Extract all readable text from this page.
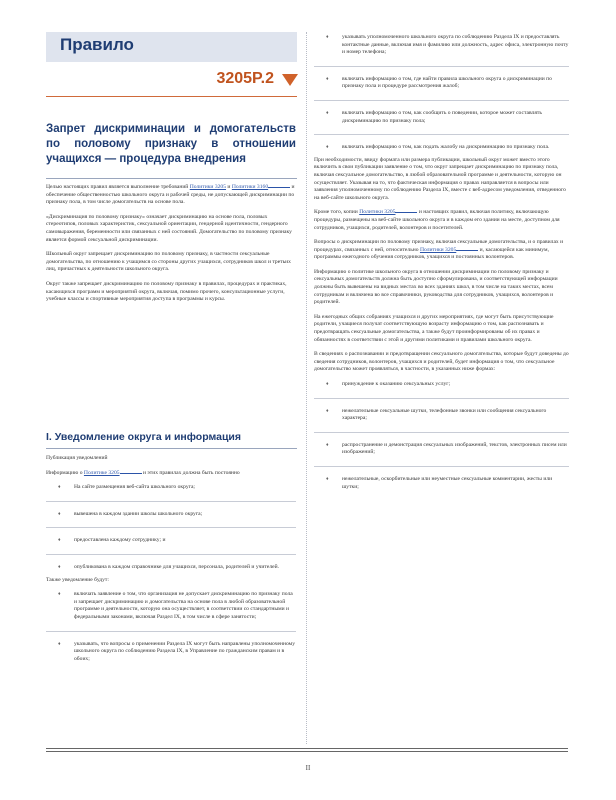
Правило
3205P.2
Запрет дискриминации и домогательств по половому признаку в отношении учащихся — процедура внедрения

Целью настоящих правил является выполнение требований Политики 3205 и Политики 3160	и обеспечение общественностью школьного округа и рабочей среды, не допускающей дискриминации по признаку пола, в том числе домогательств на основе пола.

«Дискриминация по половому признаку» означает дискриминацию на основе пола, половых стереотипов, половых характеристик, сексуальной ориентации, гендерной идентичности, гендерного самовыражения, беременности или связанных с ней состояний. Домогательство по половому признаку является формой сексуальной дискриминации.

Школьный округ запрещает дискриминацию по половому признаку, в частности сексуальные домогательства, по отношению к учащимся со стороны других учащихся, сотрудников школ и третьих лиц, причастных к деятельности школьного округа.

Округ также запрещает дискриминацию по половому признаку в правилах, процедурах и практиках, касающихся программ и мероприятий округа, включая, помимо прочего, консультационные услуги, учебные классы и спортивные мероприятия доступа в программы и курсы.

I. Уведомление округа и информация

Публикация уведомлений

Информацию о Политике 3205	и этих правилах должна быть постоянно

♦ Нa сайте размещения веб-сайта школьного округа;
♦ вывешена в каждом здании школы школьного округа;
♦ предоставлена каждому сотруднику; и
♦ опубликована в каждом справочнике для учащихся, персонала, родителей и учителей.

Также уведомление будут:

♦ включать заявление о том, что организация не допускает дискриминацию по признаку пола и запрещает дискриминацию и домогательства на основе пола в любой образовательной программе и деятельности, которую она осуществляет, в соответствии со стандартными и федеральными законами, включая Раздел IX, в том числе в сфере занятости;
♦ указывать, что вопросы о применении Раздела IX могут быть направлены уполномоченному школьного округа по соблюдению Раздела IX, в Управление по гражданским правам и в обоих;
♦ указывать уполномоченного школьного округа по соблюдению Раздела IX и предоставлять контактные данные, включая имя и фамилию или должность, адрес офиса, электронную почту и номер телефона;
♦ включать информацию о том, где найти правила школьного округа о дискриминации по признаку пола и процедуре рассмотрения жалоб;
♦ включать информацию о том, как сообщить о поведении, которое может составлять дискриминацию по признаку пола;
♦ включать информацию о том, как подать жалобу на дискриминацию по признаку пола.

При необходимости, ввиду формата или размера публикации, школьный округ может вместо этого включить в свои публикации заявление о том, что округ запрещает дискриминацию по признаку пола, включая сексуальное домогательство, в любой образовательной программе и деятельности, которую он осуществляет. Указывая на то, что фактическая информация о правах направляется в вопросы или заявления уполномоченному по соблюдению Раздела IX, вместе с веб-адресом уведомления, отведенного на веб-сайте школьного округа.

Кроме того, копии Политики 3205	и настоящих правил, включая политику, включающую процедуры, размещены на веб-сайте школьного округа и в каждом его здании на месте, доступном для сотрудников, учащихся, родителей, волонтеров и посетителей.

Вопросы о дискриминации по половому признаку, включая сексуальные домогательства, и о правилах и процедурах, связанных с ней, относительно Политики 3205	и, касающейся как минимум, программы ежегодного обучения сотрудников, учащихся и постоянных волонтеров.

Информацию о политике школьного округа в отношении дискриминации по половому признаку и сексуальных домогательств должна быть доступно сформулирована, и соответствующей информации должны быть вывешены на видных местах во всех зданиях школ, в том числе на таких местах, всем сотрудникам и включена во все справочники, руководства для сотрудников, учащихся, волонтеров и родителей.

На ежегодных общих собраниях учащихся и других мероприятиях, где могут быть присутствующие родители, учащиеся получат соответствующую возрасту информацию о том, как распознавать и предотвращать сексуальные домогательства, а также будут проинформированы об их правах и обязанностях в соответствии с этой и другими политиками и правилами школьного округа.

В сведениях о распознавании и предотвращении сексуального домогательства, которые будут доведены до сведения сотрудников, волонтеров, учащихся и родителей, будет информация о том, что сексуальное домогательство может проявляться, в частности, в указанных ниже формах:

♦ принуждение к оказанию сексуальных услуг;
♦ нежелательные сексуальные шутки, телефонные звонки или сообщения сексуального характера;
♦ распространение и демонстрация сексуальных изображений, текстов, электронных писем или изображений;
♦ нежелательные, оскорбительные или неуместные сексуальные комментарии, жесты или шутки;
II
